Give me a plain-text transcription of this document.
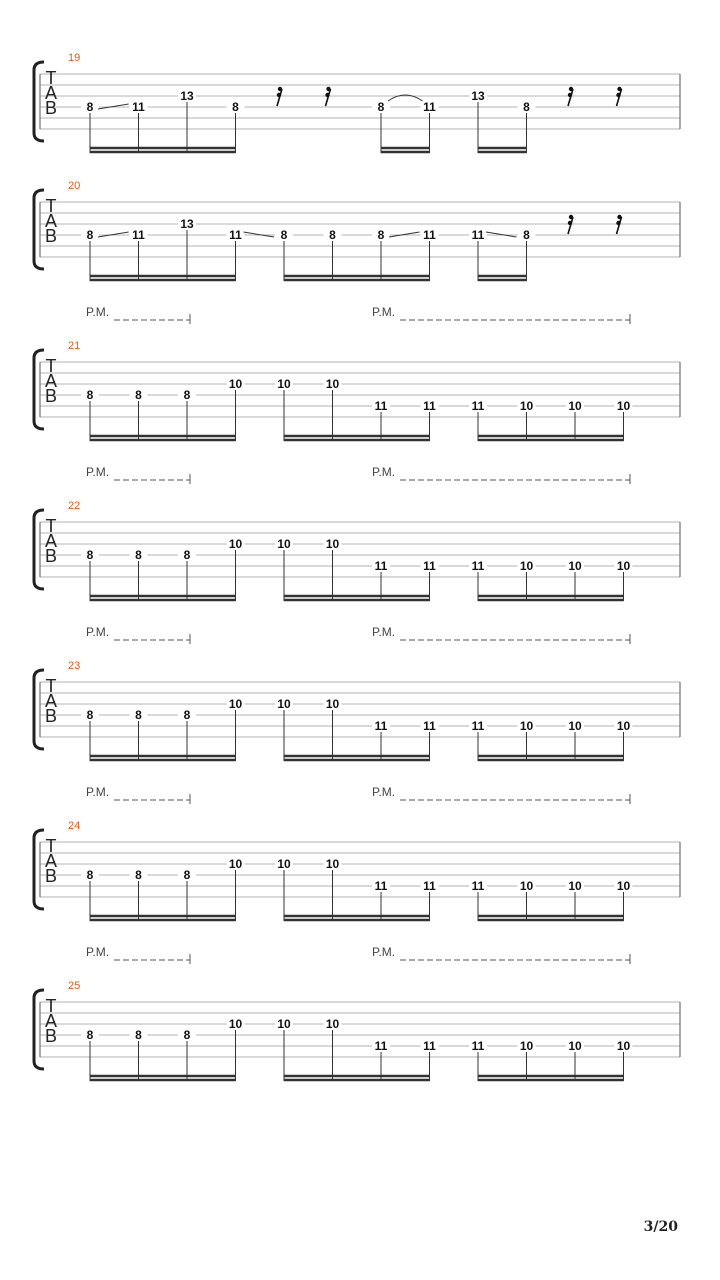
19
T
A
B 8	11
13
8	8	11
13
8
20
T
A
B 8	11
13
11	8	8	8	11	11	8
P.M.	P.M.
21
T
A
B 8	8	8
10	10	10
11	11	11	10	10	10
P.M.	P.M.
22
T
A
B 8	8	8
10	10	10
11	11	11	10	10	10
P.M.	P.M.
23
T
A
B 8	8	8
10	10	10
11	11	11	10	10	10
P.M.	P.M.
24
T
A
B 8	8	8
10	10	10
11	11	11	10	10	10
P.M.	P.M.
25
T
A
B 8	8	8
10	10	10
11	11	11	10	10	10
3/20
